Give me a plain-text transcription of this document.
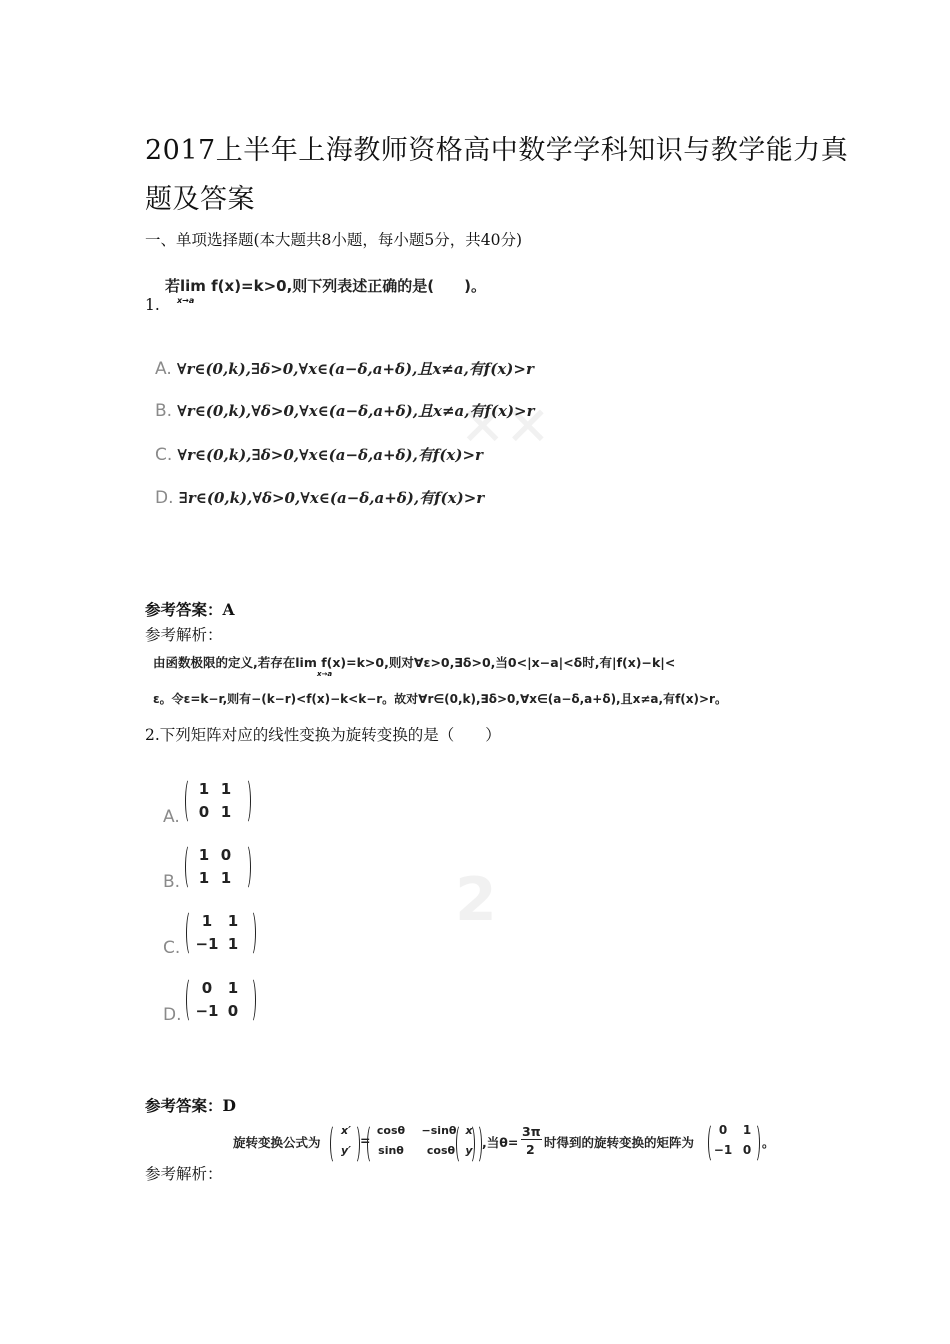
✕✕
2
2017上半年上海教师资格高中数学学科知识与教学能力真
题及答案
一、单项选择题(本大题共8小题，每小题5分，共40分)
1.
若lim f(x)=k>0,则下列表述正确的是(　　)。
x→a
A. ∀r∈(0,k),∃δ>0,∀x∈(a−δ,a+δ),且x≠a,有f(x)>r
B. ∀r∈(0,k),∀δ>0,∀x∈(a−δ,a+δ),且x≠a,有f(x)>r
C. ∀r∈(0,k),∃δ>0,∀x∈(a−δ,a+δ),有f(x)>r
D. ∃r∈(0,k),∀δ>0,∀x∈(a−δ,a+δ),有f(x)>r
参考答案：A
参考解析：
由函数极限的定义,若存在lim f(x)=k>0,则对∀ε>0,∃δ>0,当0<|x−a|<δ时,有|f(x)−k|<
x→a
ε。令ε=k−r,则有−(k−r)<f(x)−k<k−r。故对∀r∈(0,k),∃δ>0,∀x∈(a−δ,a+δ),且x≠a,有f(x)>r。
2.下列矩阵对应的线性变换为旋转变换的是（　　）
A.
1 1
0 1
B.
1 0
1 1
C.
1	1
−1 1
D.
0	1
−1 0
参考答案：D
旋转变换公式为
x′
y′
=
cosθ	−sinθ
sinθ	cosθ
x
y
,当θ=
3π
2 时得到的旋转变换的矩阵为
0	1
−1 0 。
参考解析：
